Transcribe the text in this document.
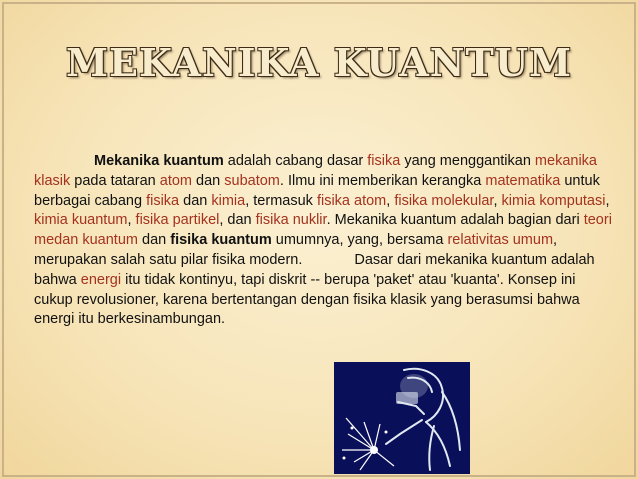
MEKANIKA KUANTUM

Mekanika kuantum adalah cabang dasar fisika yang menggantikan mekanika klasik pada tataran atom dan subatom. Ilmu ini memberikan kerangka matematika untuk berbagai cabang fisika dan kimia, termasuk fisika atom, fisika molekular, kimia komputasi,
kimia kuantum, fisika partikel, dan fisika nuklir. Mekanika kuantum adalah bagian dari teori medan kuantum dan fisika kuantum umumnya, yang, bersama relativitas umum, merupakan salah satu pilar fisika modern.	Dasar dari mekanika kuantum adalah bahwa energi itu tidak kontinyu, tapi diskrit -- berupa 'paket' atau 'kuanta'. Konsep ini cukup revolusioner, karena bertentangan dengan fisika klasik yang berasumsi bahwa energi itu berkesinambungan.
